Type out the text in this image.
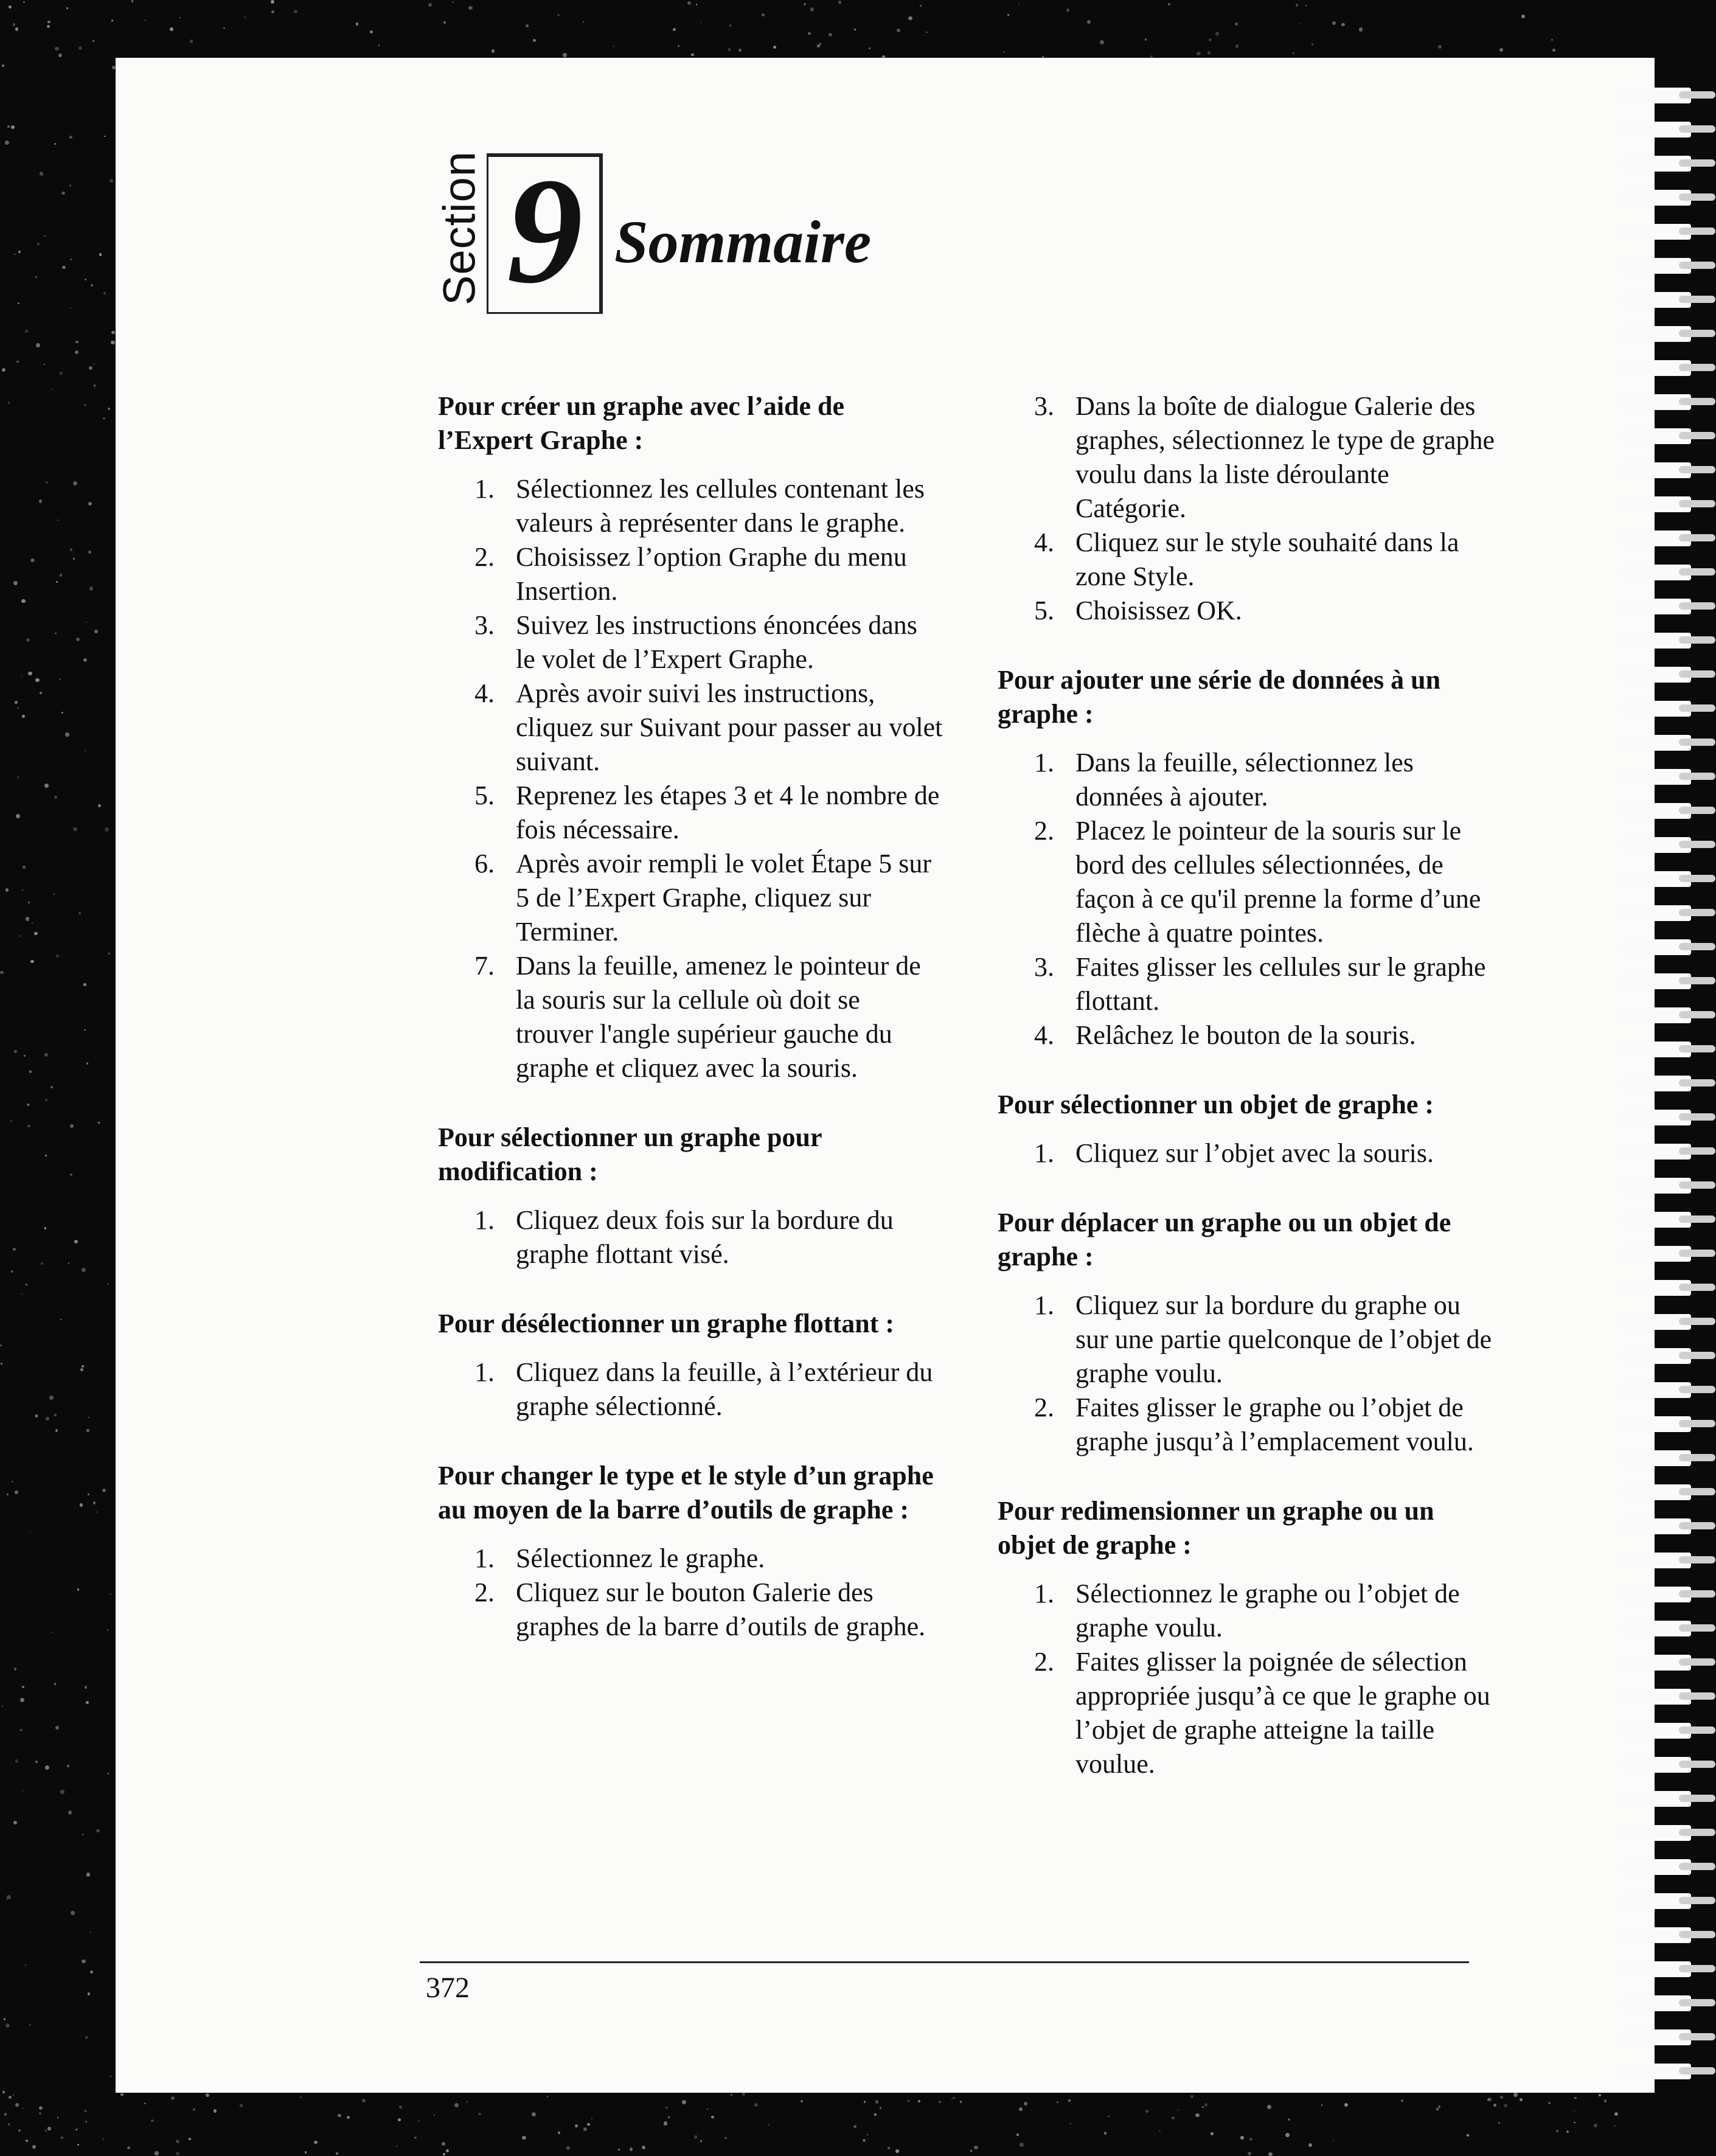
Section 9 Sommaire
Pour créer un graphe avec l’aide de l’Expert Graphe :
1. Sélectionnez les cellules contenant les valeurs à représenter dans le graphe.
2. Choisissez l’option Graphe du menu Insertion.
3. Suivez les instructions énoncées dans le volet de l’Expert Graphe.
4. Après avoir suivi les instructions, cliquez sur Suivant pour passer au volet suivant.
5. Reprenez les étapes 3 et 4 le nombre de fois nécessaire.
6. Après avoir rempli le volet Étape 5 sur 5 de l’Expert Graphe, cliquez sur Terminer.
7. Dans la feuille, amenez le pointeur de la souris sur la cellule où doit se trouver l'angle supérieur gauche du graphe et cliquez avec la souris.
Pour sélectionner un graphe pour modification :
1. Cliquez deux fois sur la bordure du graphe flottant visé.
Pour désélectionner un graphe flottant :
1. Cliquez dans la feuille, à l’extérieur du graphe sélectionné.
Pour changer le type et le style d’un graphe au moyen de la barre d’outils de graphe :
1. Sélectionnez le graphe.
2. Cliquez sur le bouton Galerie des graphes de la barre d’outils de graphe.
3. Dans la boîte de dialogue Galerie des graphes, sélectionnez le type de graphe voulu dans la liste déroulante Catégorie.
4. Cliquez sur le style souhaité dans la zone Style.
5. Choisissez OK.
Pour ajouter une série de données à un graphe :
1. Dans la feuille, sélectionnez les données à ajouter.
2. Placez le pointeur de la souris sur le bord des cellules sélectionnées, de façon à ce qu'il prenne la forme d’une flèche à quatre pointes.
3. Faites glisser les cellules sur le graphe flottant.
4. Relâchez le bouton de la souris.
Pour sélectionner un objet de graphe :
1. Cliquez sur l’objet avec la souris.
Pour déplacer un graphe ou un objet de graphe :
1. Cliquez sur la bordure du graphe ou sur une partie quelconque de l’objet de graphe voulu.
2. Faites glisser le graphe ou l’objet de graphe jusqu’à l’emplacement voulu.
Pour redimensionner un graphe ou un objet de graphe :
1. Sélectionnez le graphe ou l’objet de graphe voulu.
2. Faites glisser la poignée de sélection appropriée jusqu’à ce que le graphe ou l’objet de graphe atteigne la taille voulue.
372
